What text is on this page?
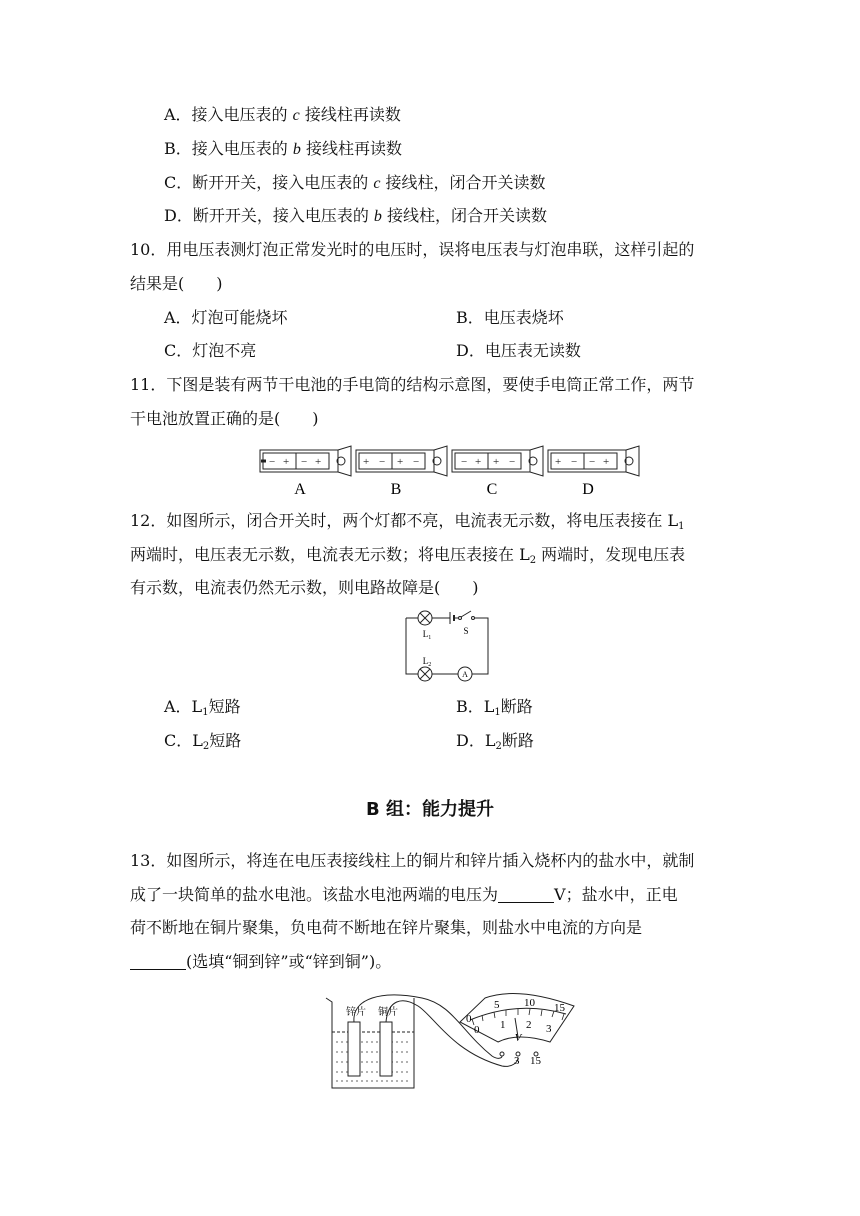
A．接入电压表的 c 接线柱再读数
B．接入电压表的 b 接线柱再读数
C．断开开关，接入电压表的 c 接线柱，闭合开关读数
D．断开开关，接入电压表的 b 接线柱，闭合开关读数
10．用电压表测灯泡正常发光时的电压时，误将电压表与灯泡串联，这样引起的
结果是(　　)
A．灯泡可能烧坏	B．电压表烧坏
C．灯泡不亮	D．电压表无读数
11．下图是装有两节干电池的手电筒的结构示意图，要使手电筒正常工作，两节
干电池放置正确的是(　　)
− + − +	+ − + −	− + + −	+ − − +
A	B	C	D
12．如图所示，闭合开关时，两个灯都不亮，电流表无示数，将电压表接在 $L_1$
两端时，电压表无示数，电流表无示数；将电压表接在 $L_2$ 两端时，发现电压表
有示数，电流表仍然无示数，则电路故障是(　　)
$L_1$
S
$L_2$
A
A．$L_1$短路	B．$L_1$断路
C．$L_2$短路	D．$L_2$断路
B 组：能力提升
13．如图所示，将连在电压表接线柱上的铜片和锌片插入烧杯内的盐水中，就制
成了一块简单的盐水电池。该盐水电池两端的电压为	V；盐水中，正电
荷不断地在铜片聚集，负电荷不断地在锌片聚集，则盐水中电流的方向是
(选填“铜到锌”或“锌到铜”)。
锌片 铜片
0
5 10 15
0 1 2 3
V
3 15
